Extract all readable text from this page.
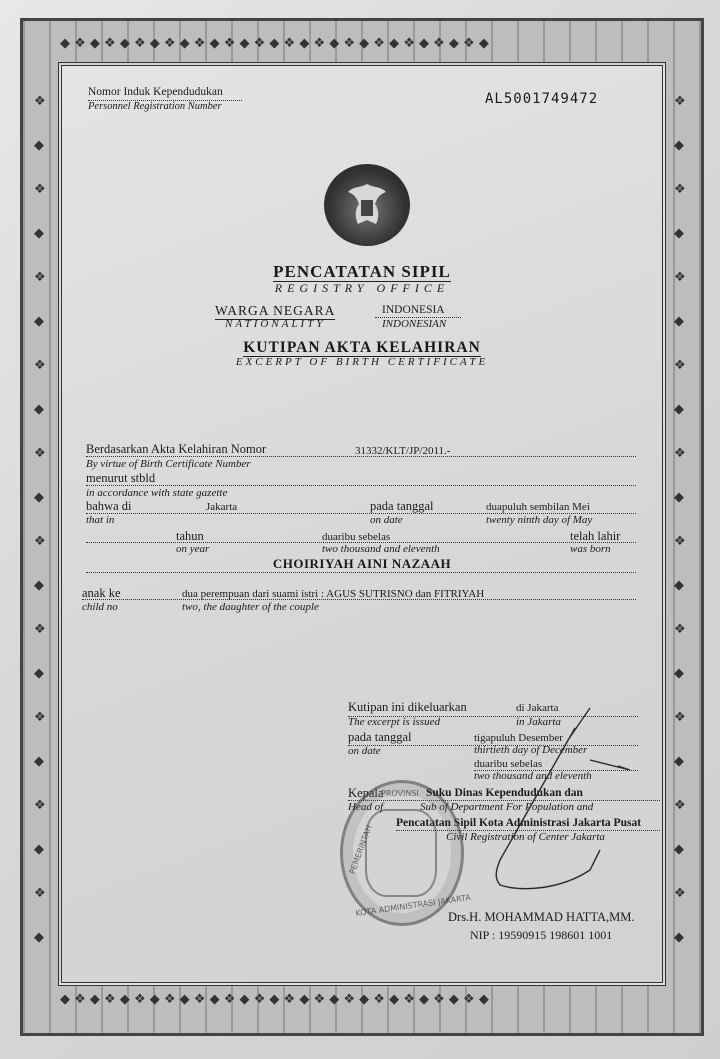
◆ ❖ ◆ ❖ ◆ ❖ ◆ ❖ ◆ ❖ ◆ ❖ ◆ ❖ ◆ ❖ ◆ ❖ ◆ ❖ ◆ ❖ ◆ ❖ ◆ ❖ ◆ ❖ ◆
◆ ❖ ◆ ❖ ◆ ❖ ◆ ❖ ◆ ❖ ◆ ❖ ◆ ❖ ◆ ❖ ◆ ❖ ◆ ❖ ◆ ❖ ◆ ❖ ◆ ❖ ◆ ❖ ◆
❖ ◆ ❖ ◆ ❖ ◆ ❖ ◆ ❖ ◆ ❖ ◆ ❖ ◆ ❖ ◆ ❖ ◆ ❖ ◆
❖ ◆ ❖ ◆ ❖ ◆ ❖ ◆ ❖ ◆ ❖ ◆ ❖ ◆ ❖ ◆ ❖ ◆ ❖ ◆
Nomor Induk Kependudukan
Personnel Registration Number	AL5001749472
PENCATATAN SIPIL
REGISTRY OFFICE
WARGA NEGARA
NATIONALITY
INDONESIA
INDONESIAN
KUTIPAN AKTA KELAHIRAN
EXCERPT OF BIRTH CERTIFICATE
Berdasarkan Akta Kelahiran Nomor
By virtue of Birth Certificate Number
31332/KLT/JP/2011.-
menurut stbld
in accordance with state gazette
bahwa di
that in
Jakarta	pada tanggal
on date
duapuluh sembilan Mei
twenty ninth day of May
tahun
on year
duaribu sebelas
two thousand and eleventh
telah lahir
was born
CHOIRIYAH AINI NAZAAH
anak ke
child no
dua perempuan dari suami istri : AGUS SUTRISNO dan FITRIYAH
two, the daughter of the couple
Kutipan ini dikeluarkan
The excerpt is issued
di Jakarta
in Jakarta
pada tanggal
on date
tigapuluh Desember
thirtieth day of December
duaribu sebelas
two thousand and eleventh
Kepala
Head of
Suku Dinas Kependudukan dan
Sub of Department For Population and
Pencatatan Sipil Kota Administrasi Jakarta Pusat
Civil Registration of Center Jakarta
PROVINSI
PEMERINTAH
KOTA ADMINISTRASI JAKARTA
Drs.H. MOHAMMAD HATTA,MM.
NIP : 19590915 198601 1001
